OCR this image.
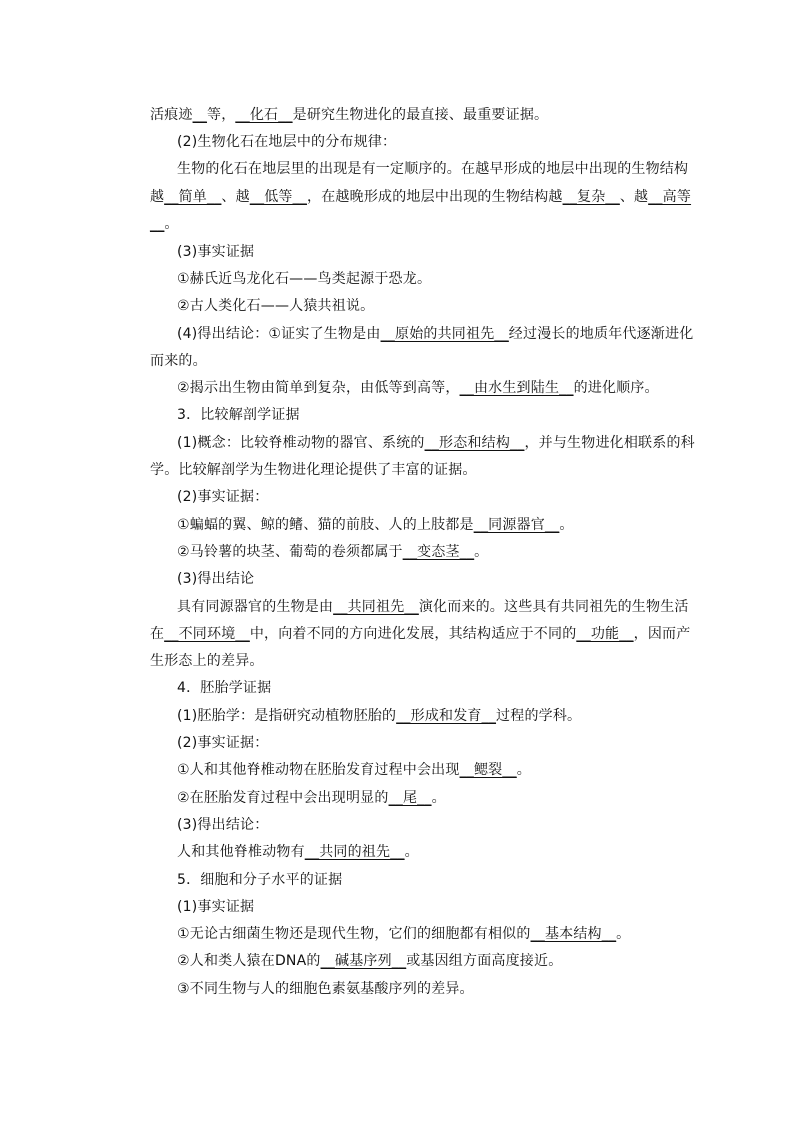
活痕迹__等，__化石__是研究生物进化的最直接、最重要证据。
(2)生物化石在地层中的分布规律：
生物的化石在地层里的出现是有一定顺序的。在越早形成的地层中出现的生物结构
越__简单__、越__低等__，在越晚形成的地层中出现的生物结构越__复杂__、越__高等
__。
(3)事实证据
①赫氏近鸟龙化石——鸟类起源于恐龙。
②古人类化石——人猿共祖说。
(4)得出结论：①证实了生物是由__原始的共同祖先__经过漫长的地质年代逐渐进化
而来的。
②揭示出生物由简单到复杂，由低等到高等，__由水生到陆生__的进化顺序。
3．比较解剖学证据
(1)概念：比较脊椎动物的器官、系统的__形态和结构__，并与生物进化相联系的科
学。比较解剖学为生物进化理论提供了丰富的证据。
(2)事实证据：
①蝙蝠的翼、鲸的鳍、猫的前肢、人的上肢都是__同源器官__。
②马铃薯的块茎、葡萄的卷须都属于__变态茎__。
(3)得出结论
具有同源器官的生物是由__共同祖先__演化而来的。这些具有共同祖先的生物生活
在__不同环境__中，向着不同的方向进化发展，其结构适应于不同的__功能__，因而产
生形态上的差异。
4．胚胎学证据
(1)胚胎学：是指研究动植物胚胎的__形成和发育__过程的学科。
(2)事实证据：
①人和其他脊椎动物在胚胎发育过程中会出现__鳃裂__。
②在胚胎发育过程中会出现明显的__尾__。
(3)得出结论：
人和其他脊椎动物有__共同的祖先__。
5．细胞和分子水平的证据
(1)事实证据
①无论古细菌生物还是现代生物，它们的细胞都有相似的__基本结构__。
②人和类人猿在DNA的__碱基序列__或基因组方面高度接近。
③不同生物与人的细胞色素氨基酸序列的差异。
